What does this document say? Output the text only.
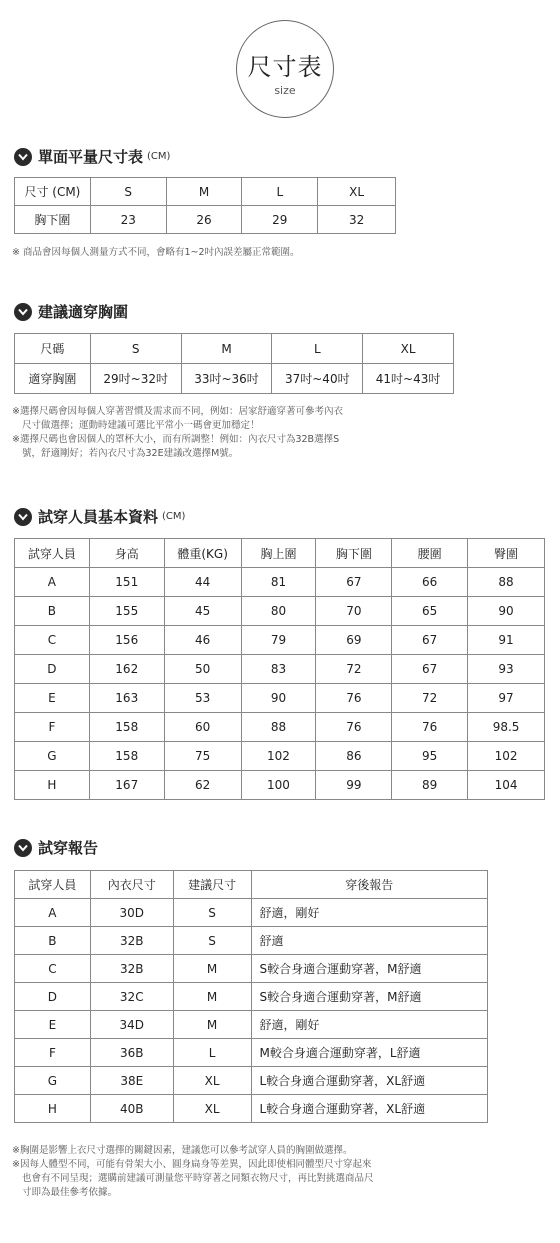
尺寸表
size
單面平量尺寸表 (CM)
尺寸 (CM)	S	M	L	XL
胸下圍	23	26	29	32

※ 商品會因每個人測量方式不同，會略有1~2吋內誤差屬正常範圍。

建議適穿胸圍
尺碼	S	M	L	XL
適穿胸圍	29吋~32吋	33吋~36吋	37吋~40吋	41吋~43吋

※選擇尺碼會因每個人穿著習慣及需求而不同，例如：居家舒適穿著可參考內衣

尺寸做選擇；運動時建議可選比平常小一碼會更加穩定！

※選擇尺碼也會因個人的罩杯大小，而有所調整！例如：內衣尺寸為32B選擇S

號，舒適剛好；若內衣尺寸為32E建議改選擇M號。

試穿人員基本資料 (CM)
試穿人員	身高	體重(KG)	胸上圍	胸下圍	腰圍	臀圍
A	151	44	81	67	66	88
B	155	45	80	70	65	90
C	156	46	79	69	67	91
D	162	50	83	72	67	93
E	163	53	90	76	72	97
F	158	60	88	76	76	98.5
G	158	75	102	86	95	102
H	167	62	100	99	89	104
試穿報告
試穿人員	內衣尺寸	建議尺寸	穿後報告
A	30D	S	舒適，剛好
B	32B	S	舒適
C	32B	M	S較合身適合運動穿著，M舒適
D	32C	M	S較合身適合運動穿著，M舒適
E	34D	M	舒適，剛好
F	36B	L	M較合身適合運動穿著，L舒適
G	38E	XL	L較合身適合運動穿著，XL舒適
H	40B	XL	L較合身適合運動穿著，XL舒適

※胸圍是影響上衣尺寸選擇的關鍵因素，建議您可以參考試穿人員的胸圍做選擇。

※因每人體型不同，可能有骨架大小、圓身扁身等差異，因此即使相同體型尺寸穿起來

也會有不同呈現；選購前建議可測量您平時穿著之同類衣物尺寸，再比對挑選商品尺

寸即為最佳參考依據。
